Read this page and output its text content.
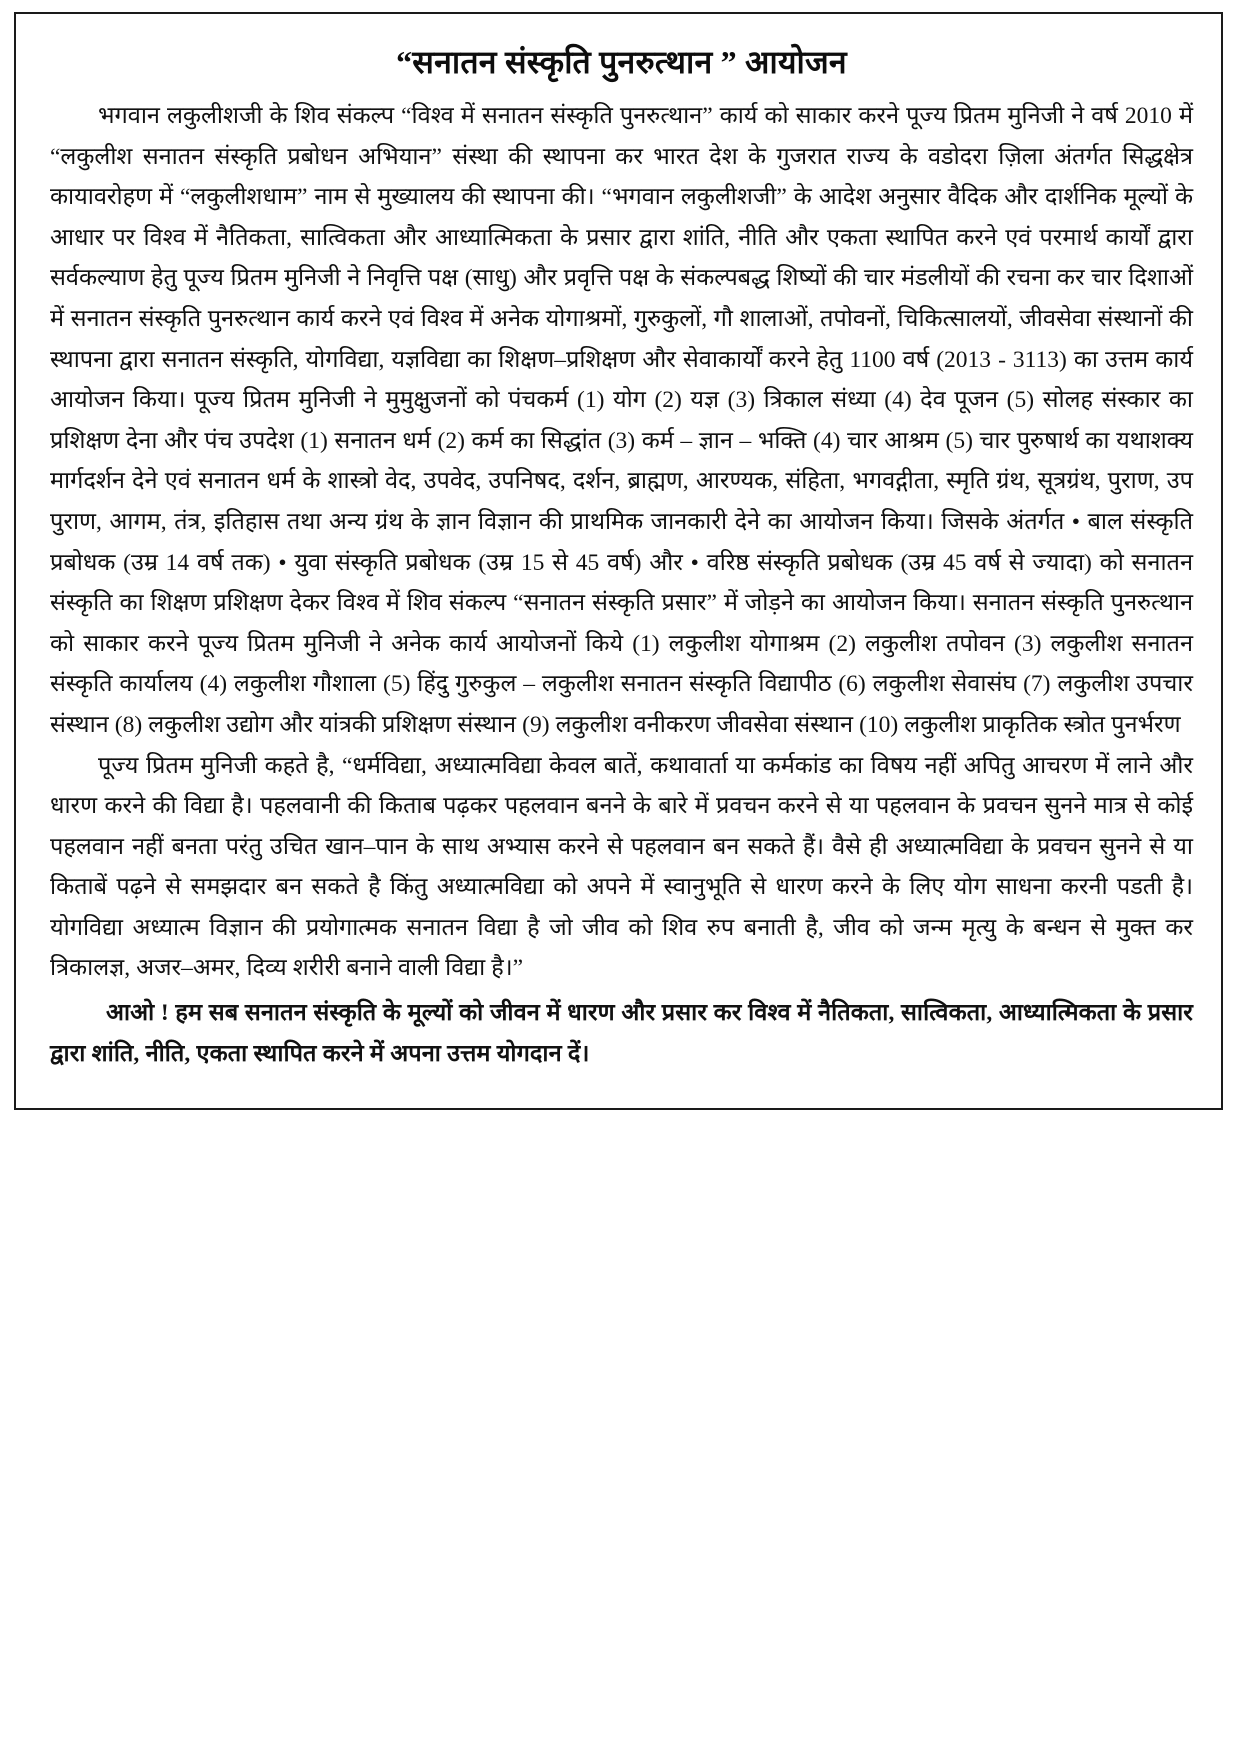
“सनातन संस्कृति पुनरुत्थान ” आयोजन

भगवान लकुलीशजी के शिव संकल्प “विश्व में सनातन संस्कृति पुनरुत्थान” कार्य को साकार करने पूज्य प्रितम मुनिजी ने वर्ष 2010 में “लकुलीश सनातन संस्कृति प्रबोधन अभियान” संस्था की स्थापना कर भारत देश के गुजरात राज्य के वडोदरा ज़िला अंतर्गत सिद्धक्षेत्र कायावरोहण में “लकुलीशधाम” नाम से मुख्यालय की स्थापना की। “भगवान लकुलीशजी” के आदेश अनुसार वैदिक और दार्शनिक मूल्यों के आधार पर विश्व में नैतिकता, सात्विकता और आध्यात्मिकता के प्रसार द्वारा शांति, नीति और एकता स्थापित करने एवं परमार्थ कार्यों द्वारा सर्वकल्याण हेतु पूज्य प्रितम मुनिजी ने निवृत्ति पक्ष (साधु) और प्रवृत्ति पक्ष के संकल्पबद्ध शिष्यों की चार मंडलीयों की रचना कर चार दिशाओं में सनातन संस्कृति पुनरुत्थान कार्य करने एवं विश्व में अनेक योगाश्रमों, गुरुकुलों, गौ शालाओं, तपोवनों, चिकित्सालयों, जीवसेवा संस्थानों की स्थापना द्वारा सनातन संस्कृति, योगविद्या, यज्ञविद्या का शिक्षण–प्रशिक्षण और सेवाकार्यों करने हेतु 1100 वर्ष (2013 - 3113) का उत्तम कार्य आयोजन किया। पूज्य प्रितम मुनिजी ने मुमुक्षुजनों को पंचकर्म (1) योग (2) यज्ञ (3) त्रिकाल संध्या (4) देव पूजन (5) सोलह संस्कार का प्रशिक्षण देना और पंच उपदेश (1) सनातन धर्म (2) कर्म का सिद्धांत (3) कर्म – ज्ञान – भक्ति (4) चार आश्रम (5) चार पुरुषार्थ का यथाशक्य मार्गदर्शन देने एवं सनातन धर्म के शास्त्रो वेद, उपवेद, उपनिषद, दर्शन, ब्राह्मण, आरण्यक, संहिता, भगवद्गीता, स्मृति ग्रंथ, सूत्रग्रंथ, पुराण, उप पुराण, आगम, तंत्र, इतिहास तथा अन्य ग्रंथ के ज्ञान विज्ञान की प्राथमिक जानकारी देने का आयोजन किया। जिसके अंतर्गत • बाल संस्कृति प्रबोधक (उम्र 14 वर्ष तक) • युवा संस्कृति प्रबोधक (उम्र 15 से 45 वर्ष) और • वरिष्ठ संस्कृति प्रबोधक (उम्र 45 वर्ष से ज्यादा) को सनातन संस्कृति का शिक्षण प्रशिक्षण देकर विश्व में शिव संकल्प “सनातन संस्कृति प्रसार” में जोड़ने का आयोजन किया। सनातन संस्कृति पुनरुत्थान को साकार करने पूज्य प्रितम मुनिजी ने अनेक कार्य आयोजनों किये (1) लकुलीश योगाश्रम (2) लकुलीश तपोवन (3) लकुलीश सनातन संस्कृति कार्यालय (4) लकुलीश गौशाला (5) हिंदु गुरुकुल – लकुलीश सनातन संस्कृति विद्यापीठ (6) लकुलीश सेवासंघ (7) लकुलीश उपचार संस्थान (8) लकुलीश उद्योग और यांत्रकी प्रशिक्षण संस्थान (9) लकुलीश वनीकरण जीवसेवा संस्थान (10) लकुलीश प्राकृतिक स्त्रोत पुनर्भरण

पूज्य प्रितम मुनिजी कहते है, “धर्मविद्या, अध्यात्मविद्या केवल बातें, कथावार्ता या कर्मकांड का विषय नहीं अपितु आचरण में लाने और धारण करने की विद्या है। पहलवानी की किताब पढ़कर पहलवान बनने के बारे में प्रवचन करने से या पहलवान के प्रवचन सुनने मात्र से कोई पहलवान नहीं बनता परंतु उचित खान–पान के साथ अभ्यास करने से पहलवान बन सकते हैं। वैसे ही अध्यात्मविद्या के प्रवचन सुनने से या किताबें पढ़ने से समझदार बन सकते है किंतु अध्यात्मविद्या को अपने में स्वानुभूति से धारण करने के लिए योग साधना करनी पडती है। योगविद्या अध्यात्म विज्ञान की प्रयोगात्मक सनातन विद्या है जो जीव को शिव रुप बनाती है, जीव को जन्म मृत्यु के बन्धन से मुक्त कर त्रिकालज्ञ, अजर–अमर, दिव्य शरीरी बनाने वाली विद्या है।”

आओ ! हम सब सनातन संस्कृति के मूल्यों को जीवन में धारण और प्रसार कर विश्व में नैतिकता, सात्विकता, आध्यात्मिकता के प्रसार द्वारा शांति, नीति, एकता स्थापित करने में अपना उत्तम योगदान दें।
